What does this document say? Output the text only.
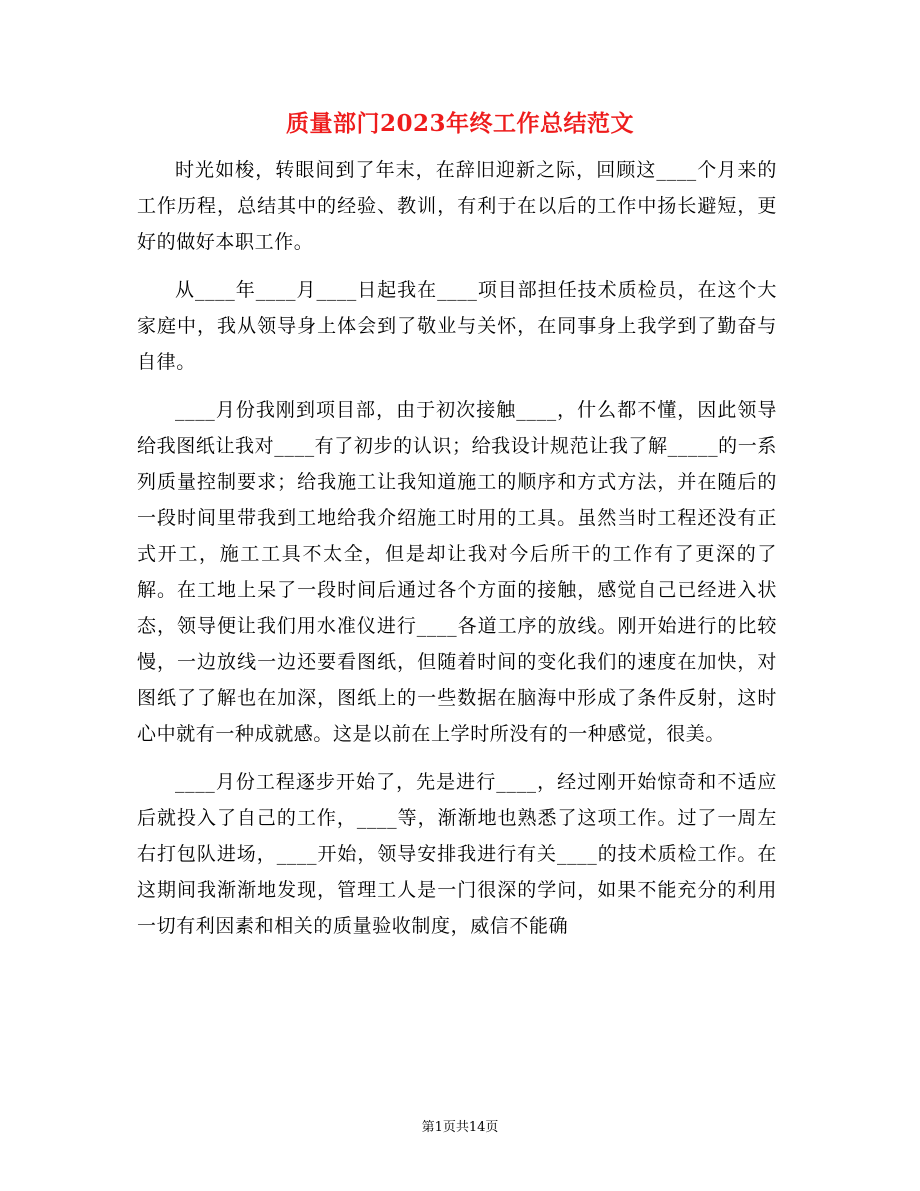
质量部门2023年终工作总结范文

时光如梭，转眼间到了年末，在辞旧迎新之际，回顾这____个月来的工作历程，总结其中的经验、教训，有利于在以后的工作中扬长避短，更好的做好本职工作。

从____年____月____日起我在____项目部担任技术质检员，在这个大家庭中，我从领导身上体会到了敬业与关怀，在同事身上我学到了勤奋与自律。

____月份我刚到项目部，由于初次接触____，什么都不懂，因此领导给我图纸让我对____有了初步的认识；给我设计规范让我了解_____的一系列质量控制要求；给我施工让我知道施工的顺序和方式方法，并在随后的一段时间里带我到工地给我介绍施工时用的工具。虽然当时工程还没有正式开工，施工工具不太全，但是却让我对今后所干的工作有了更深的了解。在工地上呆了一段时间后通过各个方面的接触，感觉自己已经进入状态，领导便让我们用水准仪进行____各道工序的放线。刚开始进行的比较慢，一边放线一边还要看图纸，但随着时间的变化我们的速度在加快，对图纸了了解也在加深，图纸上的一些数据在脑海中形成了条件反射，这时心中就有一种成就感。这是以前在上学时所没有的一种感觉，很美。

____月份工程逐步开始了，先是进行____，经过刚开始惊奇和不适应后就投入了自己的工作，____等，渐渐地也熟悉了这项工作。过了一周左右打包队进场，____开始，领导安排我进行有关____的技术质检工作。在这期间我渐渐地发现，管理工人是一门很深的学问，如果不能充分的利用一切有利因素和相关的质量验收制度，威信不能确

第1页共14页
